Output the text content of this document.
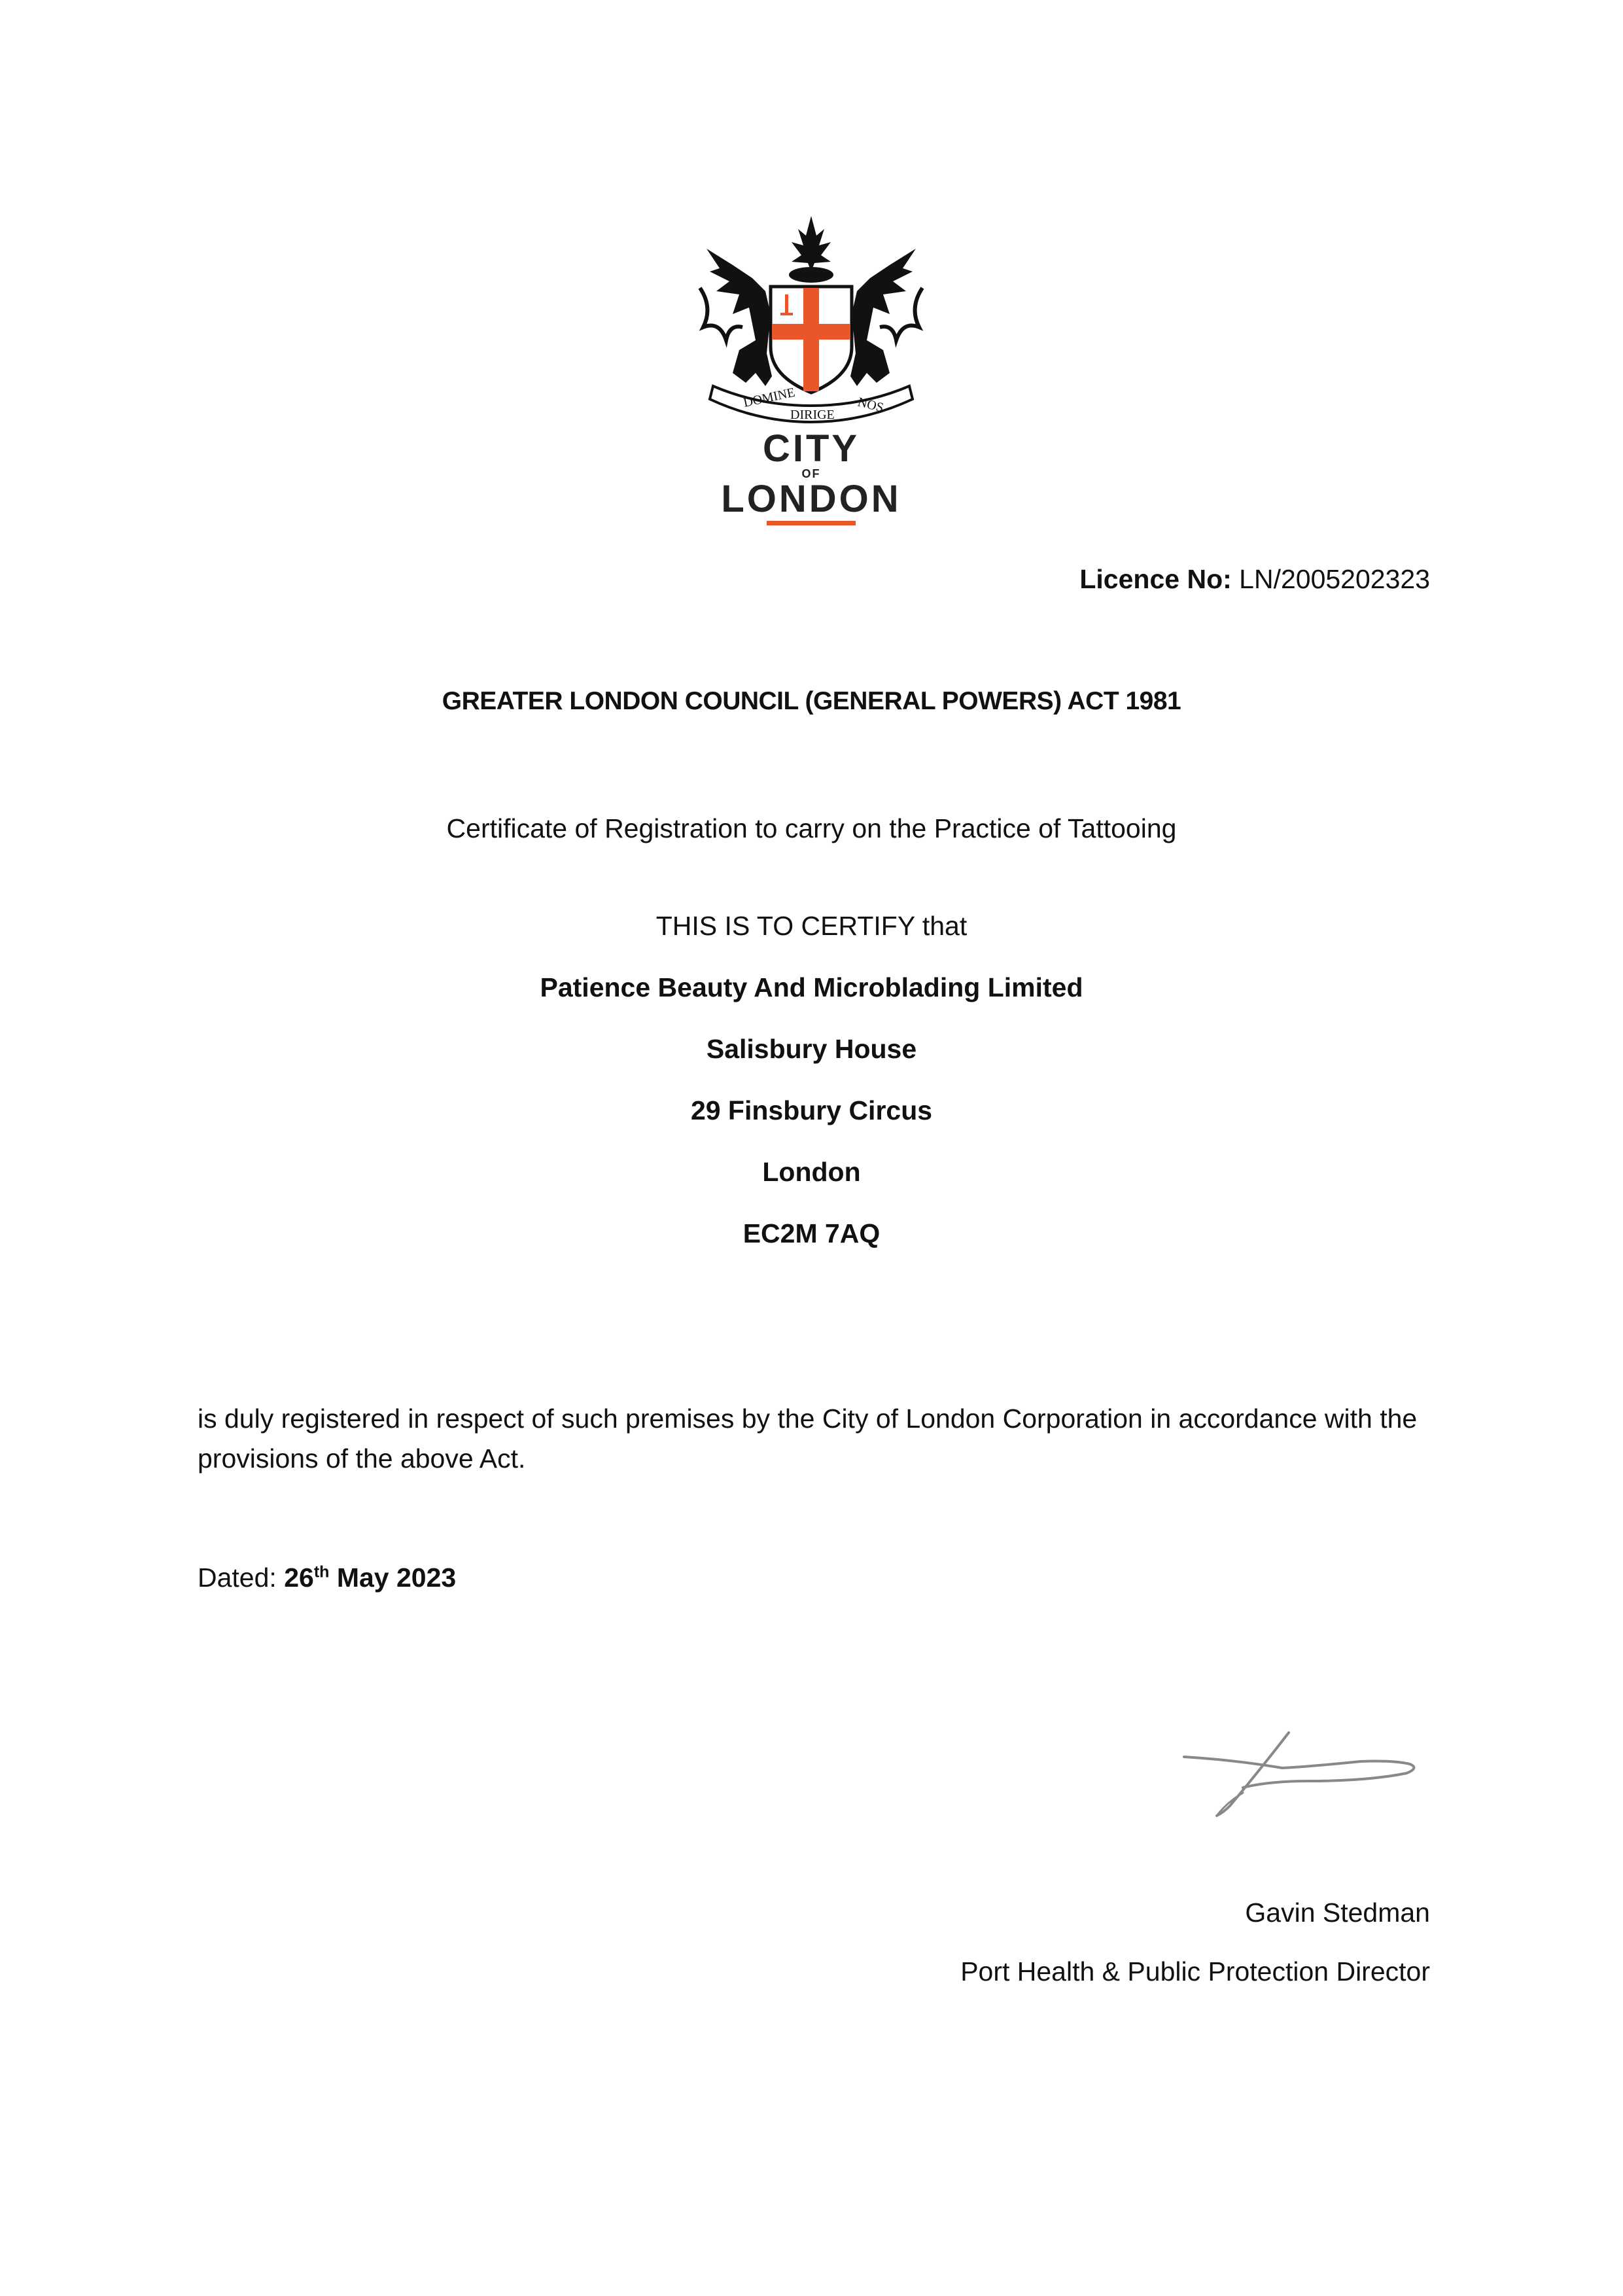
DOMINE
DIRIGE NOS
CITY
OF
LONDON
Licence No: LN/2005202323
GREATER LONDON COUNCIL (GENERAL POWERS) ACT 1981
Certificate of Registration to carry on the Practice of Tattooing
THIS IS TO CERTIFY that
Patience Beauty And Microblading Limited
Salisbury House
29 Finsbury Circus
London
EC2M 7AQ
is duly registered in respect of such premises by the City of London Corporation in accordance with the provisions of the above Act.
Dated: 26th May 2023
Gavin Stedman
Port Health & Public Protection Director
